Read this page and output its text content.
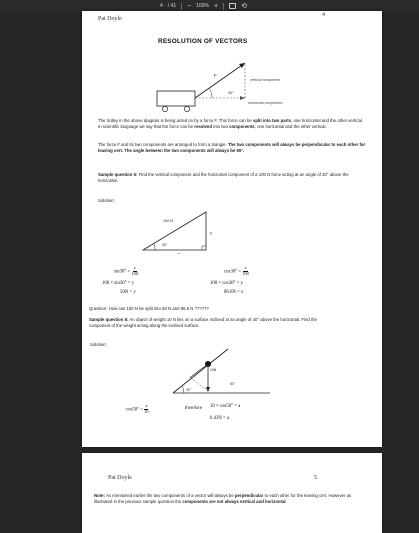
4 / 41 − 100% +	⟲
Pat Doyle
4
RESOLUTION OF VECTORS
F
30°
vertical component
horizontal component
The trolley in the above diagram is being acted on by a force F. This force can be split into two parts, one horizontal and the other vertical. In scientific language we say that the force can be resolved into two components, one horizontal and the other vertical.
The force F and its two components are arranged to form a triangle. The two components will always be perpendicular to each other for leaving cert. The angle between the two components will always be 90°.
Sample question 5: Find the vertical component and the horizontal component of a 100 N force acting at an angle of 30° above the horizontal.
Solution:
100 N
30°
y
x
$\sin 30^\circ = \frac{y}{100}$
100 × sin30° = y
50N = y
$\cos 30^\circ = \frac{x}{100}$
100 × cos30° = x
86.6N = x
Question: How can 100 N be split into 50 N and 86.6 N ??????
Sample question 6: An object of weight 10 N lies on a surface inclined at an angle of 40° above the horizontal. Find the component of the weight acting along the inclined surface.
Solution:
10N
40°
50°
$\cos 50^\circ = \frac{a}{10}$	therefore 10 × cos50° = a
6.43N = a
Pat Doyle	5
Note: As mentioned earlier the two components of a vector will always be perpendicular to each other for the leaving cert. However as illustrated in the previous sample question the components are not always vertical and horizontal.
